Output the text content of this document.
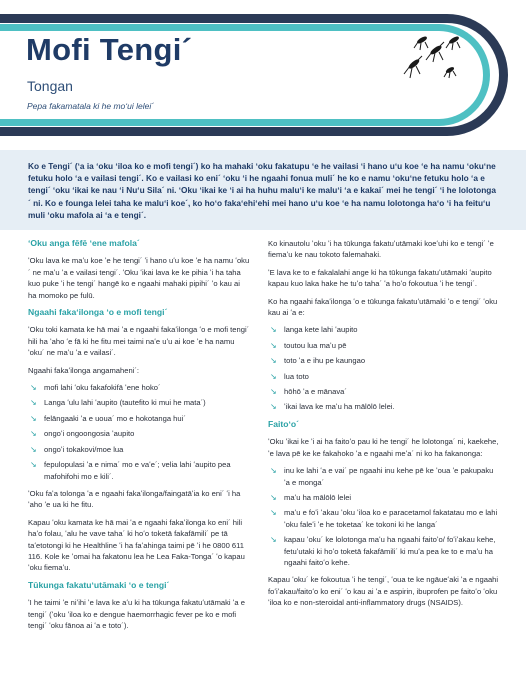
Mofi Tengi´
Tongan
Pepa fakamatala ki he moʻui lelei´
Ko e Tengi´ (ʻa ia ʻoku ʻiloa ko e mofi tengi´) ko ha mahaki ʻoku fakatupu ʻe he vailasi ʻi hano uʻu koe ʻe ha namu ʻokuʻne fetuku holo ʻa e vailasi tengi´. Ko e vailasi ko eni´ ʻoku ʻi he ngaahi fonua muli´ he ko e namu ʻokuʻne fetuku holo ʻa e tengi´ ʻoku ʻikai ke nau ʻi Nuʻu Sila´ ni. ʻOku ʻikai ke ʻi ai ha huhu maluʻi ke maluʻi ʻa e kakai´ mei he tengi´ ʻi he lolotonga´ ni. Ko e founga lelei taha ke maluʻi koe´, ko hoʻo fakaʻehiʻehi mei hano uʻu koe ʻe ha namu lolotonga haʻo ʻi ha feituʻu muli ʻoku mafola ai ʻa e tengi´.
ʻOku anga fēfē ʻene mafola´

ʻOku lava ke maʻu koe ʻe he tengi´ ʻi hano uʻu koe ʻe ha namu ʻoku´ ne maʻu ʻa e vailasi tengi´. ʻOku ʻikai lava ke ke pihia ʻi ha taha kuo puke ʻi he tengi´ hangē ko e ngaahi mahaki pipihi´ ʻo kau ai ha momoko pe fulū.

Ngaahi fakaʻilonga ʻo e mofi tengi´

ʻOku toki kamata ke hā mai ʻa e ngaahi fakaʻilonga ʻo e mofi tengi´ hili ha ʻaho ʻe fā ki he fitu mei taimi naʻe uʻu ai koe ʻe ha namu ʻoku´ ne maʻu ʻa e vailasi´.

Ngaahi fakaʻilonga angamaheni´:

↘ mofi lahi ʻoku fakafokifā ʻene hoko´
↘ Langa ʻulu lahi ʻaupito (tautefito ki mui he mata´)
↘ felāngaaki ʻa e uoua´ mo e hokotanga hui´
↘ ongoʻi ongoongosia ʻaupito
↘ ongoʻi tokakovi/moe lua
↘ fepulopulasi ʻa e nima´ mo e vaʻe´; velia lahi ʻaupito pea mafohifohi mo e kili´.

ʻOku faʻa tolonga ʻa e ngaahi fakaʻilonga/faingatāʻia ko eni´ ʻi ha ʻaho ʻe ua ki he fitu.

Kapau ʻoku kamata ke hā mai ʻa e ngaahi fakaʻilonga ko eni´ hili haʻo folau, ʻalu he vave taha´ ki hoʻo toketā fakafāmili´ pe tā taʻetotongi ki he Healthline ʻi ha faʻahinga taimi pē ʻi he 0800 611 116. Kole ke ʻomai ha fakatonu lea he Lea Faka-Tonga´ ʻo kapau ʻoku fiemaʻu.

Tūkunga fakatuʻutāmaki ʻo e tengi´

ʻI he taimi ʻe niʻihi ʻe lava ke aʻu ki ha tūkunga fakatuʻutāmaki ʻa e tengi´ (ʻoku ʻiloa ko e dengue haemorrhagic fever pe ko e mofi tengi´ ʻoku fānoa ai ʻa e toto´).

Ko kinautolu ʻoku ʻi ha tūkunga fakatuʻutāmaki koeʻuhi ko e tengi´ ʻe fiemaʻu ke nau tokoto falemahaki.

ʻE lava ke to e fakalalahi ange ki ha tūkunga fakatuʻutāmaki ʻaupito kapau kuo laka hake he tuʻo taha´ ʻa hoʻo fokoutua ʻi he tengi´.

Ko ha ngaahi fakaʻilonga ʻo e tūkunga fakatuʻutāmaki ʻo e tengi´ ʻoku kau ai ʻa e:

↘ langa kete lahi ʻaupito
↘ toutou lua maʻu pē
↘ toto ʻa e ihu pe kaungao
↘ lua toto
↘ hōhō ʻa e mānava´
↘ ʻikai lava ke maʻu ha mālōlō lelei.
Faitoʻo´

ʻOku ʻikai ke ʻi ai ha faitoʻo pau ki he tengi´ he lolotonga´ ni, kaekehe, ʻe lava pē ke ke fakahoko ʻa e ngaahi meʻa´ ni ko ha fakanonga:

↘ inu ke lahi ʻa e vai´ pe ngaahi inu kehe pē ke ʻoua ʻe pakupaku ʻa e monga´
↘ maʻu ha mālōlō lelei
↘ maʻu e foʻi ʻakau ʻoku ʻiloa ko e paracetamol fakatatau mo e lahi ʻoku faleʻi ʻe he toketaa´ ke tokoni ki he langa´
↘ kapau ʻoku´ ke lolotonga maʻu ha ngaahi faitoʻo/ foʻiʻakau kehe, fetuʻutaki ki hoʻo toketā fakafāmili´ ki muʻa pea ke to e maʻu ha ngaahi faitoʻo kehe.

Kapau ʻoku´ ke fokoutua ʻi he tengi´, ʻoua te ke ngāueʻaki ʻa e ngaahi foʻiʻakau/faitoʻo ko eni´ ʻo kau ai ʻa e aspirin, ibuprofen pe faitoʻo ʻoku ʻiloa ko e non-steroidal anti-inflammatory drugs (NSAIDS).
